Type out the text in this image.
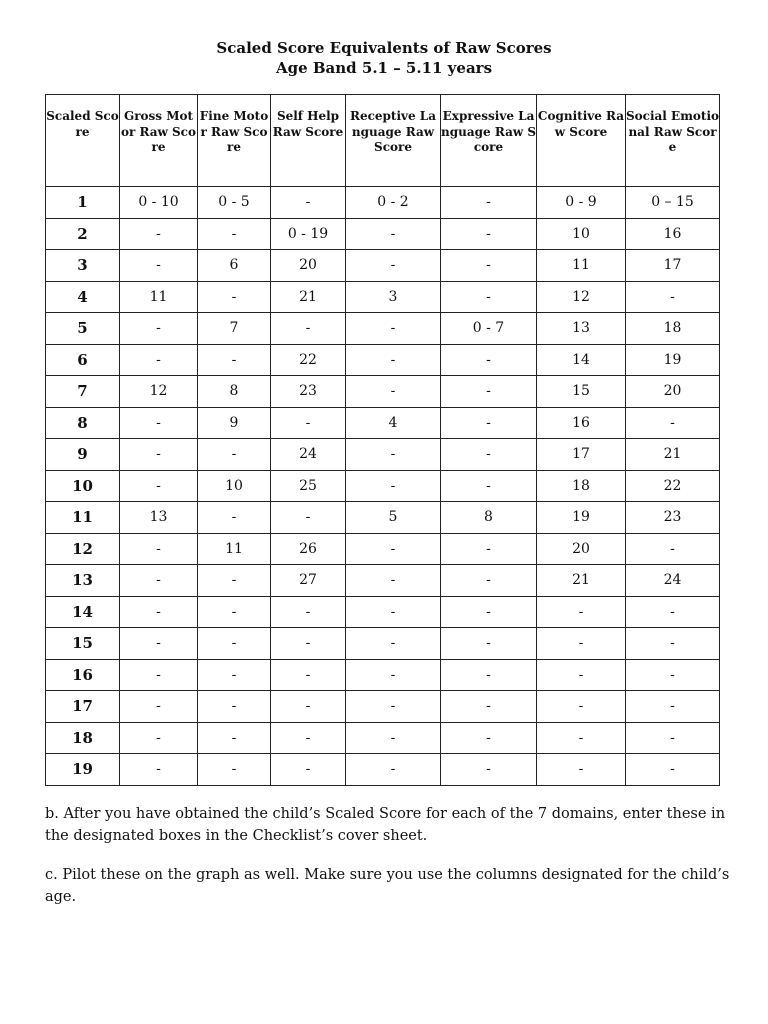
Scaled Score Equivalents of Raw Scores
Age Band 5.1 – 5.11 years
Scaled Score	Gross Motor Raw Score	Fine Motor Raw Score	Self Help Raw Score	Receptive Language Raw Score	Expressive Language Raw Score	Cognitive Raw Score	Social Emotional Raw Score
1	0 - 10	0 - 5	-	0 - 2	-	0 - 9	0 – 15
2	-	-	0 - 19	-	-	10	16
3	-	6	20	-	-	11	17
4	11	-	21	3	-	12	-
5	-	7	-	-	0 - 7	13	18
6	-	-	22	-	-	14	19
7	12	8	23	-	-	15	20
8	-	9	-	4	-	16	-
9	-	-	24	-	-	17	21
10	-	10	25	-	-	18	22
11	13	-	-	5	8	19	23
12	-	11	26	-	-	20	-
13	-	-	27	-	-	21	24
14	-	-	-	-	-	-	-
15	-	-	-	-	-	-	-
16	-	-	-	-	-	-	-
17	-	-	-	-	-	-	-
18	-	-	-	-	-	-	-
19	-	-	-	-	-	-	-
b. After you have obtained the child’s Scaled Score for each of the 7 domains, enter these in the designated boxes in the Checklist’s cover sheet.
c. Pilot these on the graph as well. Make sure you use the columns designated for the child’s age.
